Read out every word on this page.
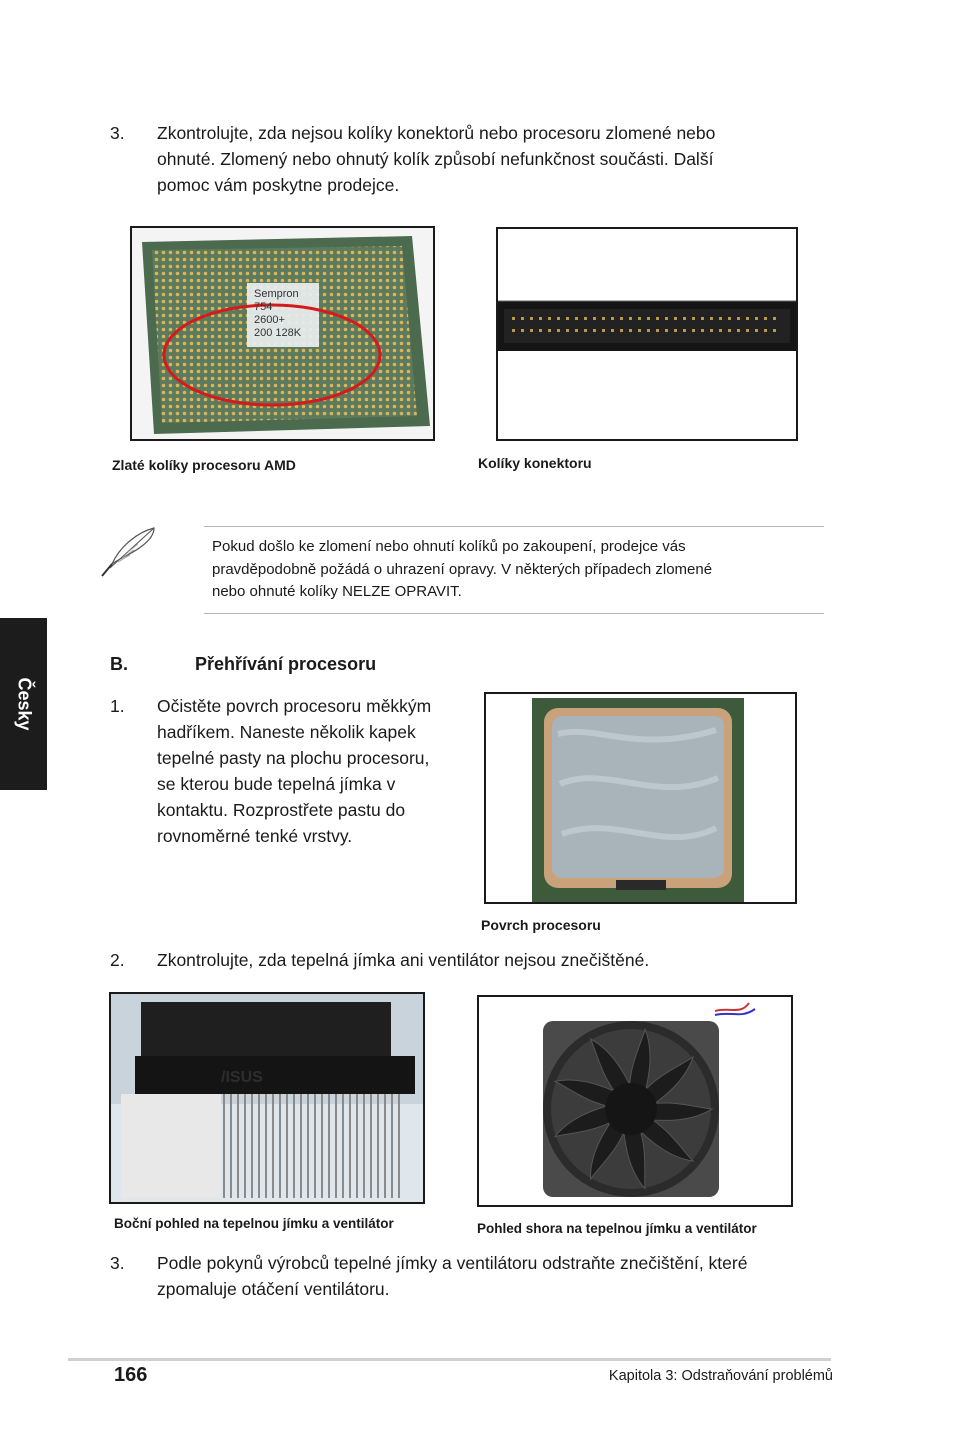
3. Zkontrolujte, zda nejsou kolíky konektorů nebo procesoru zlomené nebo
ohnuté. Zlomený nebo ohnutý kolík způsobí nefunkčnost součásti. Další
pomoc vám poskytne prodejce.
Sempron
754
2600+
200 128K
Zlaté kolíky procesoru AMD	Kolíky konektoru
Pokud došlo ke zlomení nebo ohnutí kolíků po zakoupení, prodejce vás
pravděpodobně požádá o uhrazení opravy. V některých případech zlomené
nebo ohnuté kolíky NELZE OPRAVIT.
Česky
B.	Přehřívání procesoru
1. Očistěte povrch procesoru měkkým
hadříkem. Naneste několik kapek
tepelné pasty na plochu procesoru,
se kterou bude tepelná jímka v
kontaktu. Rozprostřete pastu do
rovnoměrné tenké vrstvy.
Povrch procesoru
2. Zkontrolujte, zda tepelná jímka ani ventilátor nejsou znečištěné.
/ISUS
Boční pohled na tepelnou jímku a ventilátor	Pohled shora na tepelnou jímku a ventilátor
3. Podle pokynů výrobců tepelné jímky a ventilátoru odstraňte znečištění, které
zpomaluje otáčení ventilátoru.
166	Kapitola 3: Odstraňování problémů
